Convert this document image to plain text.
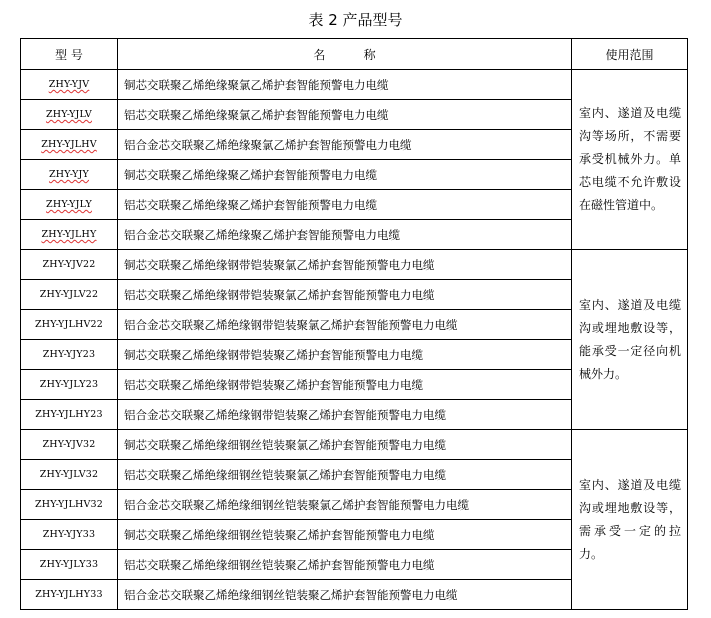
表 2 产品型号
型 号	名          称	使用范围
ZHY-YJV	铜芯交联聚乙烯绝缘聚氯乙烯护套智能预警电力电缆	室内、遂道及电缆沟等场所，不需要承受机械外力。单芯电缆不允许敷设在磁性管道中。
ZHY-YJLV	铝芯交联聚乙烯绝缘聚氯乙烯护套智能预警电力电缆	
ZHY-YJLHV	铝合金芯交联聚乙烯绝缘聚氯乙烯护套智能预警电力电缆	
ZHY-YJY	铜芯交联聚乙烯绝缘聚乙烯护套智能预警电力电缆	
ZHY-YJLY	铝芯交联聚乙烯绝缘聚乙烯护套智能预警电力电缆	
ZHY-YJLHY	铝合金芯交联聚乙烯绝缘聚乙烯护套智能预警电力电缆	
ZHY-YJV22	铜芯交联聚乙烯绝缘钢带铠装聚氯乙烯护套智能预警电力电缆	室内、遂道及电缆沟或埋地敷设等，能承受一定径向机械外力。
ZHY-YJLV22	铝芯交联聚乙烯绝缘钢带铠装聚氯乙烯护套智能预警电力电缆	
ZHY-YJLHV22	铝合金芯交联聚乙烯绝缘钢带铠装聚氯乙烯护套智能预警电力电缆	
ZHY-YJY23	铜芯交联聚乙烯绝缘钢带铠装聚乙烯护套智能预警电力电缆	
ZHY-YJLY23	铝芯交联聚乙烯绝缘钢带铠装聚乙烯护套智能预警电力电缆	
ZHY-YJLHY23	铝合金芯交联聚乙烯绝缘钢带铠装聚乙烯护套智能预警电力电缆	
ZHY-YJV32	铜芯交联聚乙烯绝缘细钢丝铠装聚氯乙烯护套智能预警电力电缆	室内、遂道及电缆沟或埋地敷设等，需承受一定的拉力。
ZHY-YJLV32	铝芯交联聚乙烯绝缘细钢丝铠装聚氯乙烯护套智能预警电力电缆	
ZHY-YJLHV32	铝合金芯交联聚乙烯绝缘细钢丝铠装聚氯乙烯护套智能预警电力电缆	
ZHY-YJY33	铜芯交联聚乙烯绝缘细钢丝铠装聚乙烯护套智能预警电力电缆	
ZHY-YJLY33	铝芯交联聚乙烯绝缘细钢丝铠装聚乙烯护套智能预警电力电缆	
ZHY-YJLHY33	铝合金芯交联聚乙烯绝缘细钢丝铠装聚乙烯护套智能预警电力电缆	
